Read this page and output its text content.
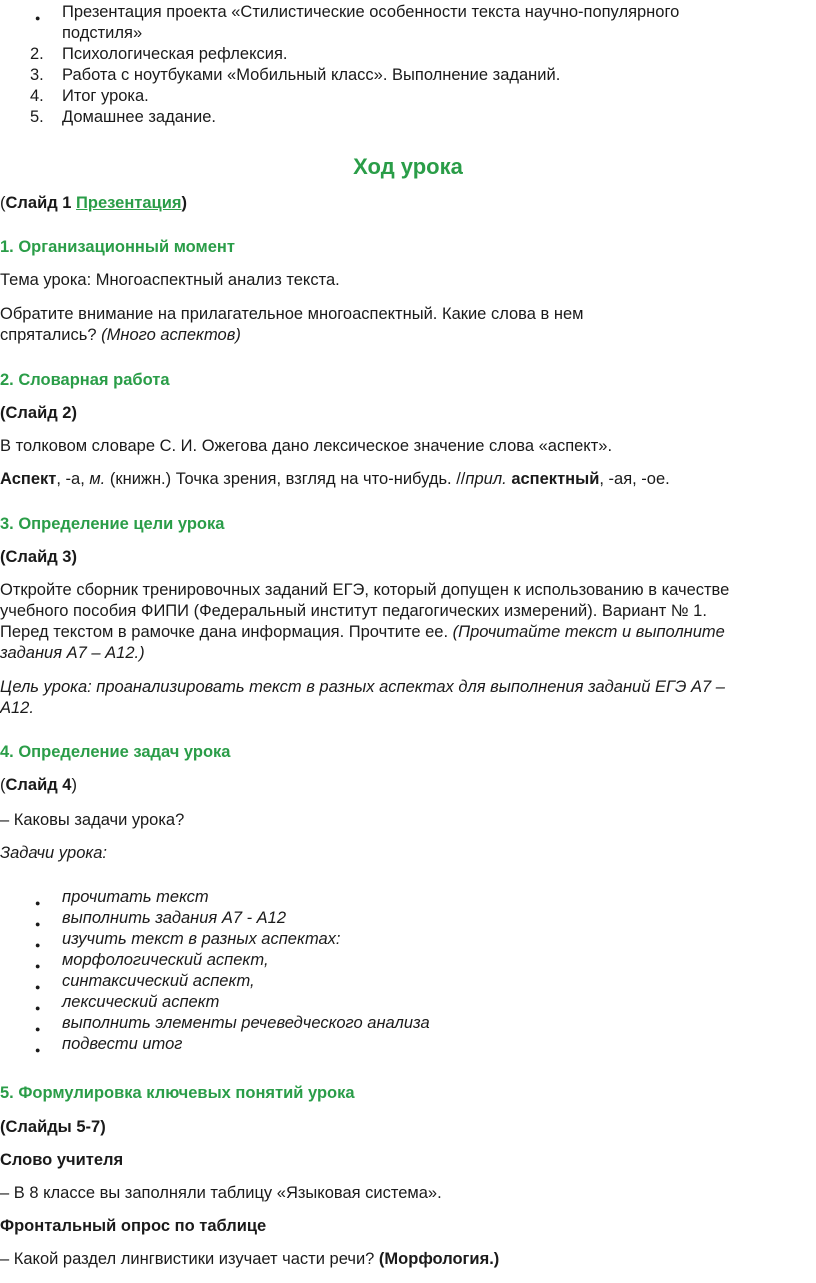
● Презентация проекта «Стилистические особенности текста научно-популярного
подстиля»
2. Психологическая рефлексия.
3. Работа с ноутбуками «Мобильный класс». Выполнение заданий.
4. Итог урока.
5. Домашнее задание.
Ход урока
(Слайд 1 Презентация)
1. Организационный момент
Тема урока: Многоаспектный анализ текста.
Обратите внимание на прилагательное многоаспектный. Какие слова в нем
спрятались? (Много аспектов)
2. Словарная работа
(Слайд 2)
В толковом словаре С. И. Ожегова дано лексическое значение слова «аспект».
Аспект, -а, м. (книжн.) Точка зрения, взгляд на что-нибудь. //прил. аспектный, -ая, -ое.
3. Определение цели урока
(Слайд 3)
Откройте сборник тренировочных заданий ЕГЭ, который допущен к использованию в качестве
учебного пособия ФИПИ (Федеральный институт педагогических измерений). Вариант № 1.
Перед текстом в рамочке дана информация. Прочтите ее. (Прочитайте текст и выполните
задания А7 – А12.)
Цель урока: проанализировать текст в разных аспектах для выполнения заданий ЕГЭ А7 –
А12.
4. Определение задач урока
(Слайд 4)
– Каковы задачи урока?
Задачи урока:
● прочитать текст
● выполнить задания А7 - А12
● изучить текст в разных аспектах:
● морфологический аспект,
● синтаксический аспект,
● лексический аспект
● выполнить элементы речеведческого анализа
● подвести итог
5. Формулировка ключевых понятий урока
(Слайды 5-7)
Слово учителя
– В 8 классе вы заполняли таблицу «Языковая система».
Фронтальный опрос по таблице
– Какой раздел лингвистики изучает части речи? (Морфология.)
